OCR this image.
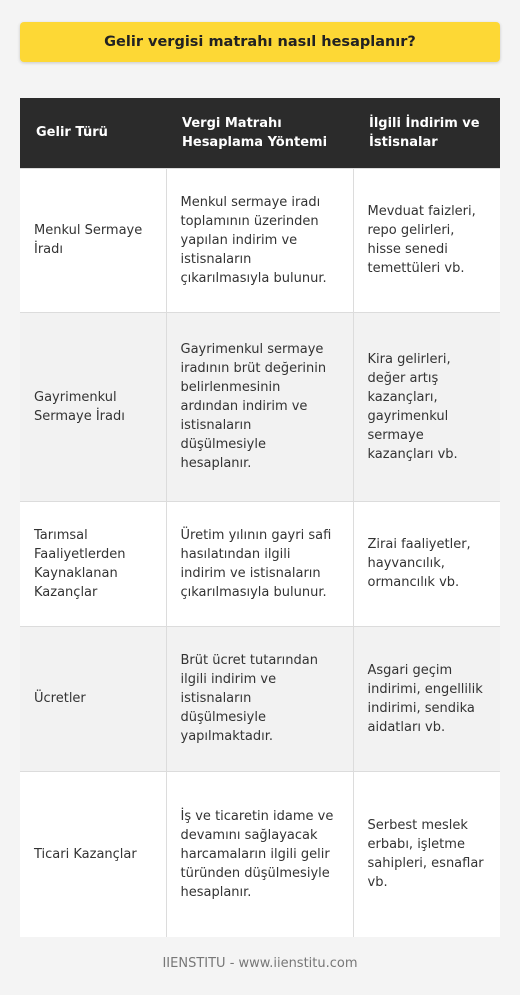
Gelir vergisi matrahı nasıl hesaplanır?
Gelir Türü	Vergi Matrahı Hesaplama Yöntemi	İlgili İndirim ve İstisnalar
Menkul Sermaye İradı	Menkul sermaye iradı toplamının üzerinden yapılan indirim ve istisnaların çıkarılmasıyla bulunur.	Mevduat faizleri, repo gelirleri, hisse senedi temettüleri vb.
Gayrimenkul Sermaye İradı	Gayrimenkul sermaye iradının brüt değerinin belirlenmesinin ardından indirim ve istisnaların düşülmesiyle hesaplanır.	Kira gelirleri, değer artış kazançları, gayrimenkul sermaye kazançları vb.
Tarımsal Faaliyetlerden Kaynaklanan Kazançlar	Üretim yılının gayri safi hasılatından ilgili indirim ve istisnaların çıkarılmasıyla bulunur.	Zirai faaliyetler, hayvancılık, ormancılık vb.
Ücretler	Brüt ücret tutarından ilgili indirim ve istisnaların düşülmesiyle yapılmaktadır.	Asgari geçim indirimi, engellilik indirimi, sendika aidatları vb.
Ticari Kazançlar	İş ve ticaretin idame ve devamını sağlayacak harcamaların ilgili gelir türünden düşülmesiyle hesaplanır.	Serbest meslek erbabı, işletme sahipleri, esnaflar vb.
IIENSTITU - www.iienstitu.com
